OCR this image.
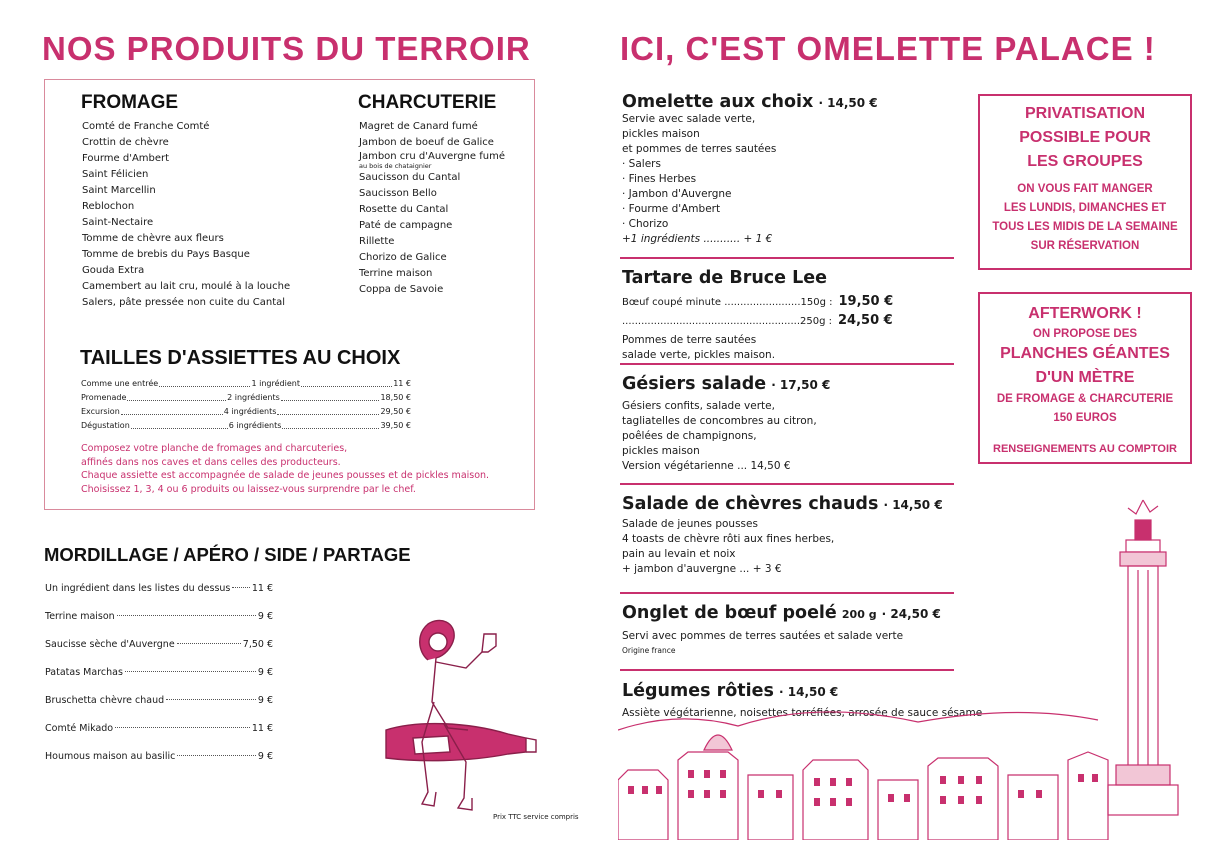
NOS PRODUITS DU TERROIR
FROMAGE
Comté de Franche Comté
Crottin de chèvre
Fourme d'Ambert
Saint Félicien
Saint Marcellin
Reblochon
Saint-Nectaire
Tomme de chèvre aux fleurs
Tomme de brebis du Pays Basque
Gouda Extra
Camembert au lait cru, moulé à la louche
Salers, pâte pressée non cuite du Cantal
CHARCUTERIE
Magret de Canard fumé
Jambon de boeuf de Galice
Jambon cru d'Auvergne fumé
au bois de chataignier
Saucisson du Cantal
Saucisson Bello
Rosette du Cantal
Paté de campagne
Rillette
Chorizo de Galice
Terrine maison
Coppa de Savoie
TAILLES D'ASSIETTES AU CHOIX
Comme une entrée	1 ingrédient	11 €
Promenade	2 ingrédients	18,50 €
Excursion	4 ingrédients	29,50 €
Dégustation	6 ingrédients	39,50 €
Composez votre planche de fromages and charcuteries,
affinés dans nos caves et dans celles des producteurs.
Chaque assiette est accompagnée de salade de jeunes pousses et de pickles maison.
Choisissez 1, 3, 4 ou 6 produits ou laissez-vous surprendre par le chef.
MORDILLAGE / APÉRO / SIDE / PARTAGE
Un ingrédient dans les listes du dessus 11 €
Terrine maison	9 €
Saucisse sèche d'Auvergne	7,50 €
Patatas Marchas	9 €
Bruschetta chèvre chaud	9 €
Comté Mikado	11 €
Houmous maison au basilic	9 €
Prix TTC service compris
ICI, C'EST OMELETTE PALACE !
Omelette aux choix · 14,50 €
Servie avec salade verte,
pickles maison
et pommes de terres sautées
· Salers
· Fines Herbes
· Jambon d'Auvergne
· Fourme d'Ambert
· Chorizo
+1 ingrédients ........... + 1 €
Tartare de Bruce Lee
Bœuf coupé minute ........................150g : 19,50 €
........................................................250g : 24,50 €
Pommes de terre sautées
salade verte, pickles maison.
Gésiers salade · 17,50 €
Gésiers confits, salade verte,
tagliatelles de concombres au citron,
poêlées de champignons,
pickles maison
Version végétarienne ... 14,50 €
Salade de chèvres chauds · 14,50 €
Salade de jeunes pousses
4 toasts de chèvre rôti aux fines herbes,
pain au levain et noix
+ jambon d'auvergne ... + 3 €
Onglet de bœuf poelé 200 g · 24,50 €
Servi avec pommes de terres sautées et salade verte
Origine france
Légumes rôties · 14,50 €
Assiète végétarienne, noisettes torréfiées, arrosée de sauce sésame
PRIVATISATION
POSSIBLE POUR
LES GROUPES
ON VOUS FAIT MANGER
LES LUNDIS, DIMANCHES ET
TOUS LES MIDIS DE LA SEMAINE
SUR RÉSERVATION
AFTERWORK !
ON PROPOSE DES
PLANCHES GÉANTES
D'UN MÈTRE
DE FROMAGE & CHARCUTERIE
150 EUROS
RENSEIGNEMENTS AU COMPTOIR
